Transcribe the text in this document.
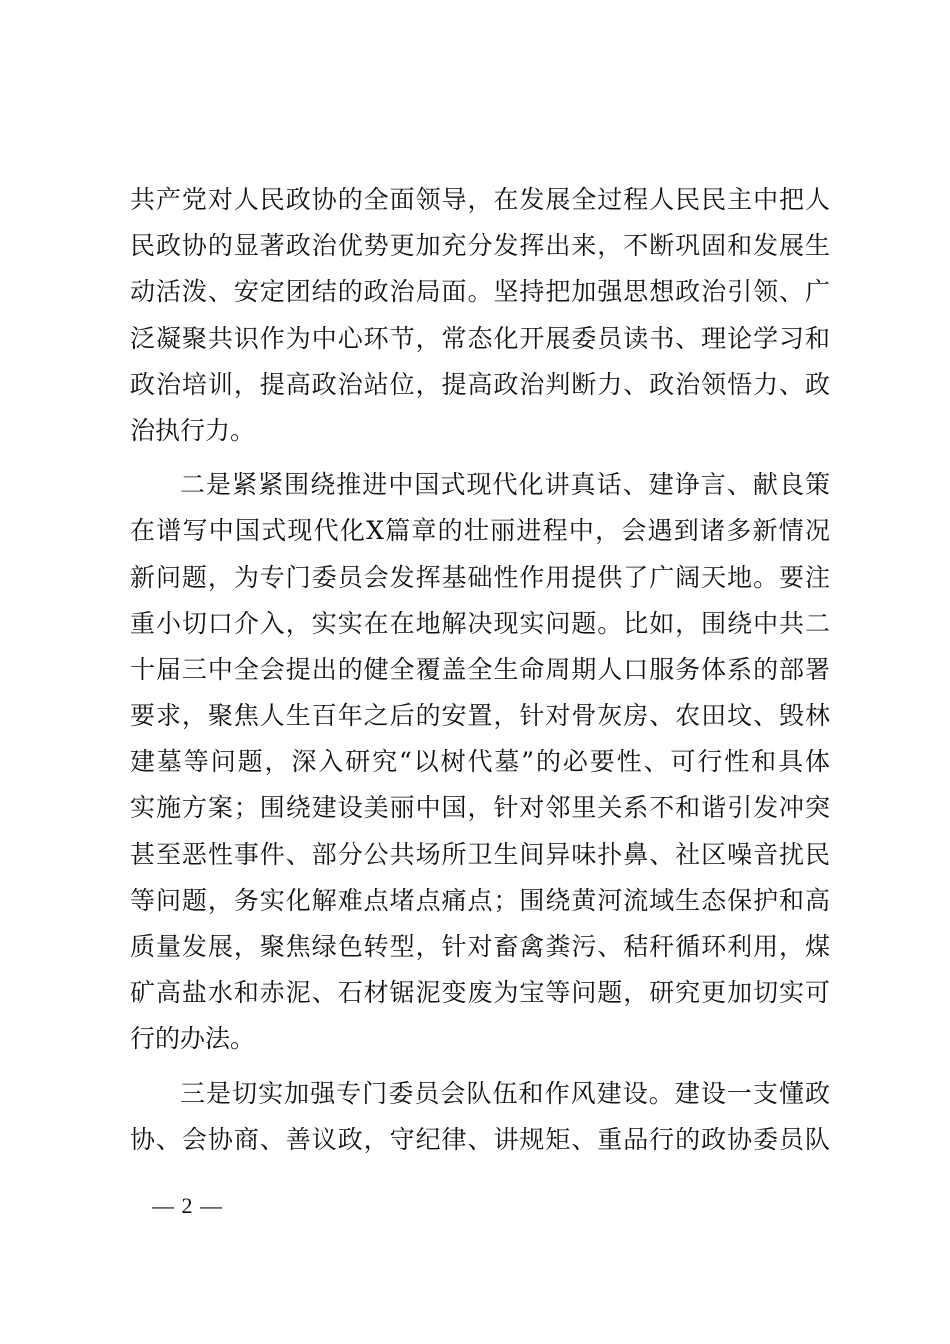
共产党对人民政协的全面领导，在发展全过程人民民主中把人
民政协的显著政治优势更加充分发挥出来，不断巩固和发展生
动活泼、安定团结的政治局面。坚持把加强思想政治引领、广
泛凝聚共识作为中心环节，常态化开展委员读书、理论学习和
政治培训，提高政治站位，提高政治判断力、政治领悟力、政
治执行力。
二是紧紧围绕推进中国式现代化讲真话、建诤言、献良策
在谱写中国式现代化X篇章的壮丽进程中，会遇到诸多新情况
新问题，为专门委员会发挥基础性作用提供了广阔天地。要注
重小切口介入，实实在在地解决现实问题。比如，围绕中共二
十届三中全会提出的健全覆盖全生命周期人口服务体系的部署
要求，聚焦人生百年之后的安置，针对骨灰房、农田坟、毁林
建墓等问题，深入研究“以树代墓”的必要性、可行性和具体
实施方案；围绕建设美丽中国，针对邻里关系不和谐引发冲突
甚至恶性事件、部分公共场所卫生间异味扑鼻、社区噪音扰民
等问题，务实化解难点堵点痛点；围绕黄河流域生态保护和高
质量发展，聚焦绿色转型，针对畜禽粪污、秸秆循环利用，煤
矿高盐水和赤泥、石材锯泥变废为宝等问题，研究更加切实可
行的办法。
三是切实加强专门委员会队伍和作风建设。建设一支懂政
协、会协商、善议政，守纪律、讲规矩、重品行的政协委员队
— 2 —
